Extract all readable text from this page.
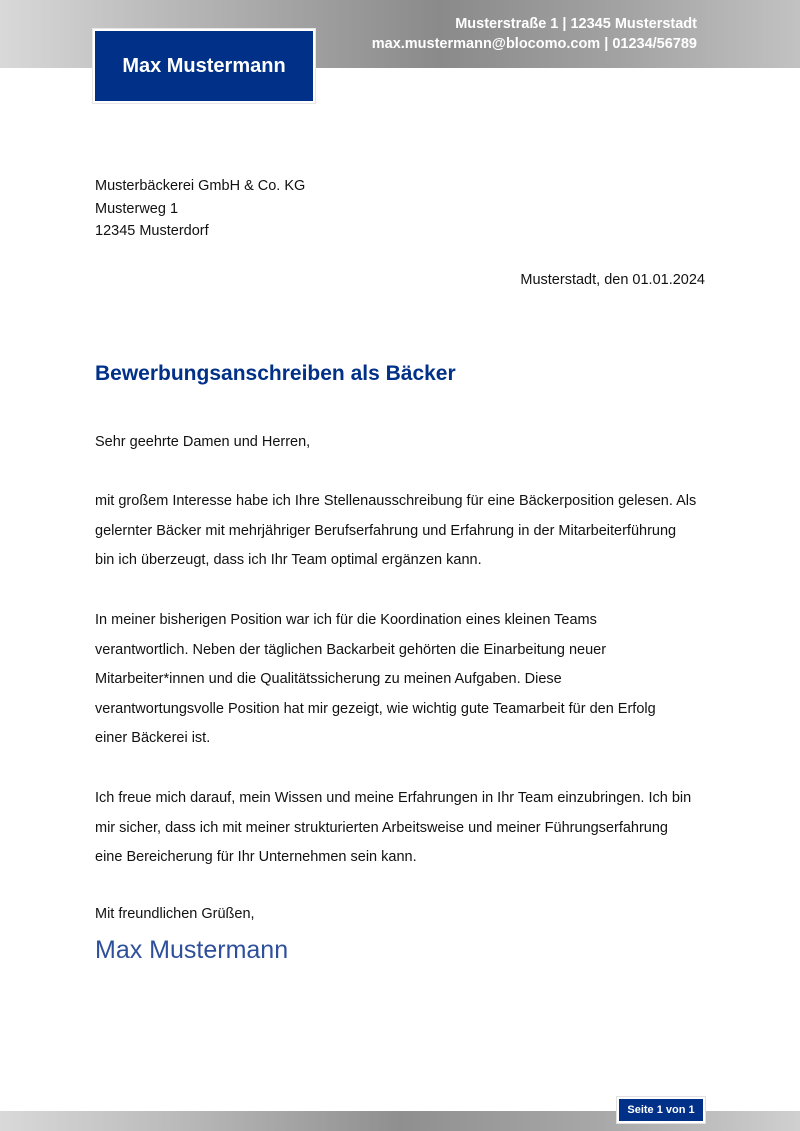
Musterstraße 1 | 12345 Musterstadt
max.mustermann@blocomo.com | 01234/56789
Max Mustermann
Musterbäckerei GmbH & Co. KG
Musterweg 1
12345 Musterdorf
Musterstadt, den 01.01.2024
Bewerbungsanschreiben als Bäcker
Sehr geehrte Damen und Herren,
mit großem Interesse habe ich Ihre Stellenausschreibung für eine Bäckerposition gelesen. Als
gelernter Bäcker mit mehrjähriger Berufserfahrung und Erfahrung in der Mitarbeiterführung
bin ich überzeugt, dass ich Ihr Team optimal ergänzen kann.
In meiner bisherigen Position war ich für die Koordination eines kleinen Teams
verantwortlich. Neben der täglichen Backarbeit gehörten die Einarbeitung neuer
Mitarbeiter*innen und die Qualitätssicherung zu meinen Aufgaben. Diese
verantwortungsvolle Position hat mir gezeigt, wie wichtig gute Teamarbeit für den Erfolg
einer Bäckerei ist.
Ich freue mich darauf, mein Wissen und meine Erfahrungen in Ihr Team einzubringen. Ich bin
mir sicher, dass ich mit meiner strukturierten Arbeitsweise und meiner Führungserfahrung
eine Bereicherung für Ihr Unternehmen sein kann.
Mit freundlichen Grüßen,
Max Mustermann
Seite 1 von 1
